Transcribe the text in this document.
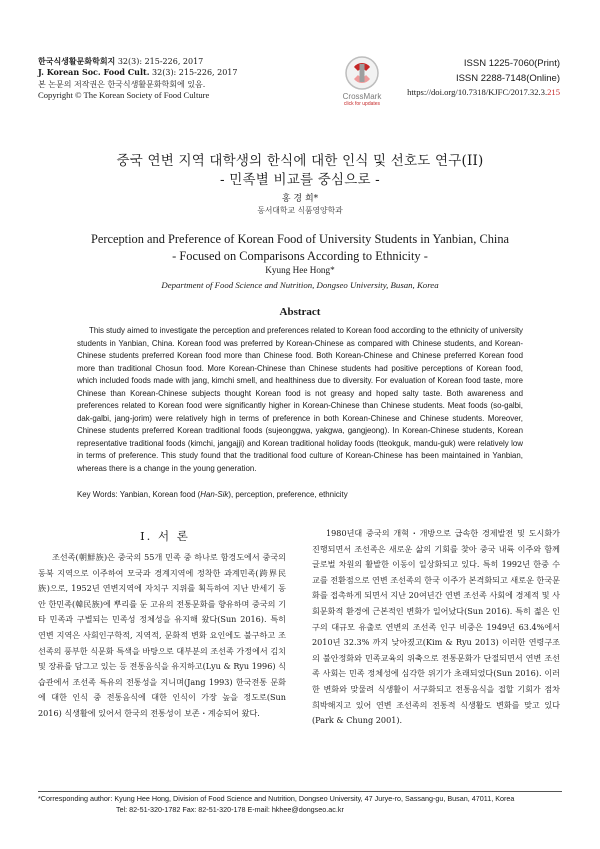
한국식생활문화학회지 32(3): 215-226, 2017
J. Korean Soc. Food Cult. 32(3): 215-226, 2017
본 논문의 저작권은 한국식생활문화학회에 있음.
Copyright © The Korean Society of Food Culture	CrossMark
click for updates
ISSN 1225-7060(Print)
ISSN 2288-7148(Online)
https://doi.org/10.7318/KJFC/2017.32.3.215
중국 연변 지역 대학생의 한식에 대한 인식 및 선호도 연구(II)
- 민족별 비교를 중심으로 -
홍 경 희*
동서대학교 식품영양학과
Perception and Preference of Korean Food of University Students in Yanbian, China
- Focused on Comparisons According to Ethnicity -
Kyung Hee Hong*
Department of Food Science and Nutrition, Dongseo University, Busan, Korea
Abstract
This study aimed to investigate the perception and preferences related to Korean food according to the ethnicity of university students in Yanbian, China. Korean food was preferred by Korean-Chinese as compared with Chinese students, and Korean-Chinese students preferred Korean food more than Chinese food. Both Korean-Chinese and Chinese preferred Korean food more than traditional Chosun food. More Korean-Chinese than Chinese students had positive perceptions of Korean food, which included foods made with jang, kimchi smell, and healthiness due to diversity. For evaluation of Korean food taste, more Chinese than Korean-Chinese subjects thought Korean food is not greasy and hoped salty taste. Both awareness and preferences related to Korean food were significantly higher in Korean-Chinese than Chinese students. Meat foods (so-galbi, dak-galbi, jang-jorim) were relatively high in terms of preference in both Korean-Chinese and Chinese students. Moreover, Chinese students preferred Korean traditional foods (sujeonggwa, yakgwa, gangjeong). In Korean-Chinese students, Korean representative traditional foods (kimchi, jangajji) and Korean traditional holiday foods (tteokguk, mandu-guk) were relatively low in terms of preference. This study found that the traditional food culture of Korean-Chinese has been maintained in Yanbian, whereas there is a change in the young generation.
Key Words: Yanbian, Korean food (Han-Sik), perception, preference, ethnicity
I. 서 론
조선족(朝鮮族)은 중국의 55개 민족 중 하나로 함경도에서 중국의 동북 지역으로 이주하여 모국과 경계지역에 정착한 과계민족(跨界民族)으로, 1952년 연변지역에 자치구 지위를 획득하여 지난 반세기 동안 한민족(韓民族)에 뿌리를 둔 고유의 전통문화를 향유하며 중국의 기타 민족과 구별되는 민족성 정체성을 유지해 왔다(Sun 2016). 특히 연변 지역은 사회인구학적, 지역적, 문화적 변화 요인에도 불구하고 조선족의 풍부한 식문화 특색을 바탕으로 대부분의 조선족 가정에서 김치 및 장류를 담그고 있는 등 전통음식을 유지하고(Lyu & Ryu 1996) 식습관에서 조선족 특유의 전통성을 지니며(Jang 1993) 한국전통 문화에 대한 인식 중 전통음식에 대한 인식이 가장 높을 정도로(Sun 2016) 식생활에 있어서 한국의 전통성이 보존・계승되어 왔다.
1980년대 중국의 개혁・개방으로 급속한 경제발전 및 도시화가 진행되면서 조선족은 새로운 삶의 기회를 찾아 중국 내륙 이주와 함께 글로벌 차원의 활발한 이동이 일상화되고 있다. 특히 1992년 한중 수교를 전환점으로 연변 조선족의 한국 이주가 본격화되고 새로운 한국문화를 접촉하게 되면서 지난 20여년간 연변 조선족 사회에 경제적 및 사회문화적 환경에 근본적인 변화가 일어났다(Sun 2016). 특히 젊은 인구의 대규모 유출로 연변의 조선족 인구 비중은 1949년 63.4%에서 2010년 32.3% 까지 낮아졌고(Kim & Ryu 2013) 이러한 연령구조의 불안정화와 민족교육의 위축으로 전통문화가 단절되면서 연변 조선족 사회는 민족 정체성에 심각한 위기가 초래되었다(Sun 2016). 이러한 변화와 맞물려 식생활이 서구화되고 전통음식을 접할 기회가 점차 희박해지고 있어 연변 조선족의 전통적 식생활도 변화를 맞고 있다(Park & Chung 2001).
*Corresponding author: Kyung Hee Hong, Division of Food Science and Nutrition, Dongseo University, 47 Jurye-ro, Sassang-gu, Busan, 47011, Korea
Tel: 82-51-320-1782 Fax: 82-51-320-178 E-mail: hkhee@dongseo.ac.kr
